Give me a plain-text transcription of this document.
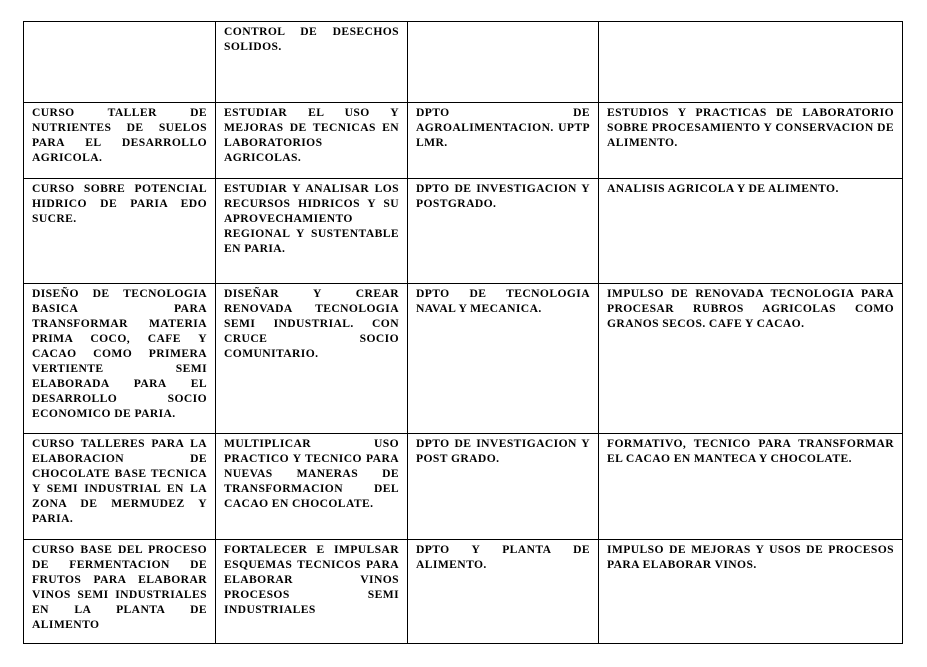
	CONTROL DE DESECHOS SOLIDOS.		
CURSO TALLER DE NUTRIENTES DE SUELOS PARA EL DESARROLLO AGRICOLA.	ESTUDIAR EL USO Y MEJORAS DE TECNICAS EN LABORATORIOS AGRICOLAS.	DPTO DE AGROALIMENTACION. UPTP LMR.	ESTUDIOS Y PRACTICAS DE LABORATORIO SOBRE PROCESAMIENTO Y CONSERVACION DE ALIMENTO.
CURSO SOBRE POTENCIAL HIDRICO DE PARIA EDO SUCRE.	ESTUDIAR Y ANALISAR LOS RECURSOS HIDRICOS Y SU APROVECHAMIENTO REGIONAL Y SUSTENTABLE EN PARIA.	DPTO DE INVESTIGACION Y POSTGRADO.	ANALISIS AGRICOLA Y DE ALIMENTO.
DISEÑO DE TECNOLOGIA BASICA PARA TRANSFORMAR MATERIA PRIMA COCO, CAFE Y CACAO COMO PRIMERA VERTIENTE SEMI ELABORADA PARA EL DESARROLLO SOCIO ECONOMICO DE PARIA.	DISEÑAR Y CREAR RENOVADA TECNOLOGIA SEMI INDUSTRIAL. CON CRUCE SOCIO COMUNITARIO.	DPTO DE TECNOLOGIA NAVAL Y MECANICA.	IMPULSO DE RENOVADA TECNOLOGIA PARA PROCESAR RUBROS AGRICOLAS COMO GRANOS SECOS. CAFE Y CACAO.
CURSO TALLERES PARA LA ELABORACION DE CHOCOLATE BASE TECNICA Y SEMI INDUSTRIAL EN LA ZONA DE MERMUDEZ Y PARIA.	MULTIPLICAR USO PRACTICO Y TECNICO PARA NUEVAS MANERAS DE TRANSFORMACION DEL CACAO EN CHOCOLATE.	DPTO DE INVESTIGACION Y POST GRADO.	FORMATIVO, TECNICO PARA TRANSFORMAR EL CACAO EN MANTECA Y CHOCOLATE.
CURSO BASE DEL PROCESO DE FERMENTACION DE FRUTOS PARA ELABORAR VINOS SEMI INDUSTRIALES EN LA PLANTA DE ALIMENTO	FORTALECER E IMPULSAR ESQUEMAS TECNICOS PARA ELABORAR VINOS PROCESOS SEMI INDUSTRIALES	DPTO Y PLANTA DE ALIMENTO.	IMPULSO DE MEJORAS Y USOS DE PROCESOS PARA ELABORAR VINOS.
